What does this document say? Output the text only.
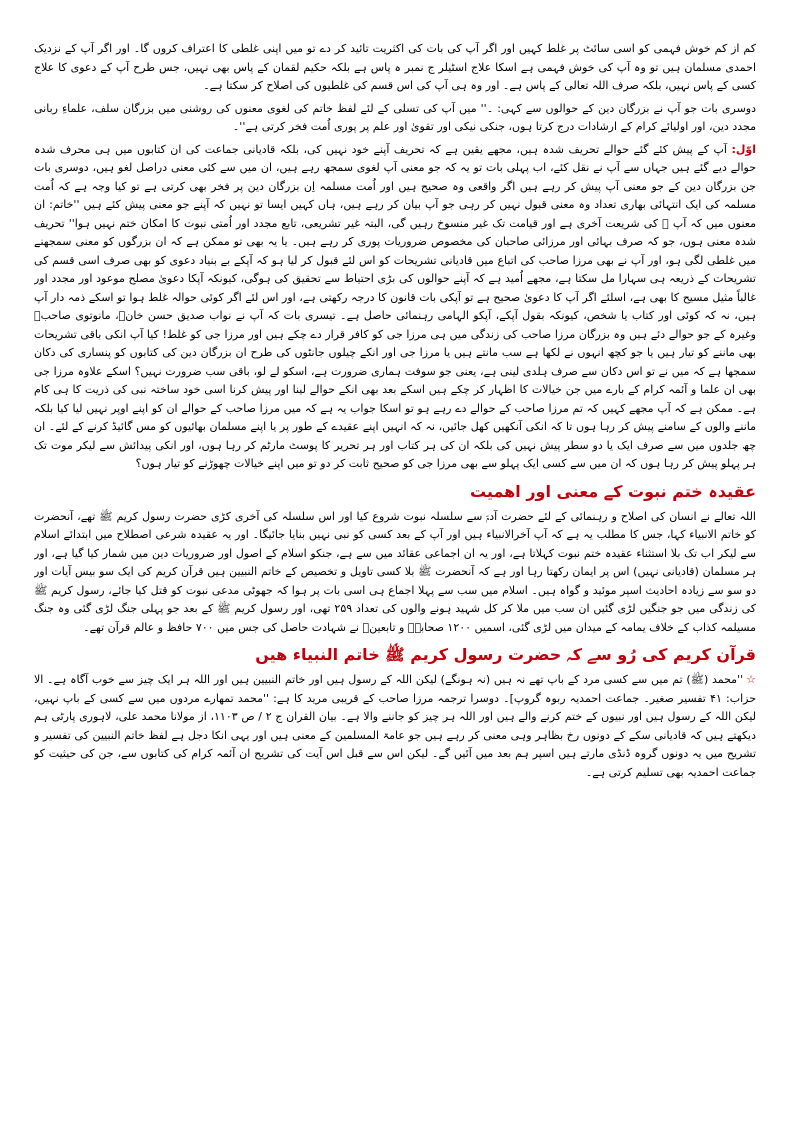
کم از کم خوش فہمی کو اسی سائٹ پر غلط کہیں اور اگر آپ کی بات کی اکثریت تائید کر دے تو میں اپنی غلطی کا اعتراف کروں گا۔ اور اگر آپ کے نزدیک احمدی مسلمان ہیں تو وہ آپ کی خوش فہمی ہے اسکا علاج اسٹیلر ج نمبر ہ پاس ہے بلکہ حکیم لقمان کے پاس بھی نہیں، جس طرح آپ کے دعوی کا علاج کسی کے پاس نہیں، بلکہ صرف اللہ تعالی کے پاس ہے۔ اور وہ ہی آپ کی اس قسم کی غلطیوں کی اصلاح کر سکتا ہے۔

دوسری بات جو آپ نے بزرگان دین کے حوالوں سے کہی: ۔'' میں آپ کی تسلی کے لئے لفظ خاتم کی لغوی معنوں کی روشنی میں بزرگان سلف، علماءِ ربانی مجدد دین، اور اولیائے کرام کے ارشادات درج کرتا ہوں، جنکی نیکی اور تقویٰ اور علم پر پوری اُمت فخر کرتی ہے''۔

اوّل: آپ کے پیش کئے گئے حوالے تحریف شدہ ہیں، مجھے یقین ہے کہ تحریف آپنے خود نہیں کی، بلکہ قادیانی جماعت کی ان کتابوں میں ہی محرف شدہ حوالے دیے گئے ہیں جہاں سے آپ نے نقل کئے، اب پہلی بات تو یہ کہ جو معنی آپ لغوی سمجھ رہے ہیں، ان میں سے کئی معنی دراصل لغو ہیں، دوسری بات جن بزرگان دین کے جو معنی آپ پیش کر رہے ہیں اگر واقعی وہ صحیح ہیں اور اُمت مسلمہ اِن بزرگان دین پر فخر بھی کرتی ہے تو کیا وجہ ہے کہ اُمت مسلمہ کی ایک انتہائی بھاری تعداد وہ معنی قبول نہیں کر رہی جو آپ بیان کر رہے ہیں، ہاں کہیں ایسا تو نہیں کہ آپنے جو معنی پیش کئے ہیں ''خاتم: ان معنوں میں کہ آپ ﷺ کی شریعت آخری ہے اور قیامت تک غیر منسوخ رہیں گی، البتہ غیر تشریعی، تابع مجدد اور اُمتی نبوت کا امکان ختم نہیں ہوا'' تحریف شدہ معنی ہوں، جو کہ صرف بہائی اور مرزائی صاحبان کی مخصوص ضروریات پوری کر رہے ہیں۔ یا یہ بھی تو ممکن ہے کہ ان بزرگوں کو معنی سمجھنے میں غلطی لگی ہو، اور آپ نے بھی مرزا صاحب کی اتباع میں قادیانی تشریحات کو اس لئے قبول کر لیا ہو کہ آپکے بے بنیاد دعوی کو بھی صرف اسی قسم کی تشریحات کے ذریعہ ہی سہارا مل سکتا ہے، مجھے اُمید ہے کہ آپنے حوالوں کی بڑی احتیاط سے تحقیق کی ہوگی، کیونکہ آپکا دعویٰ مصلح موعود اور مجدد اور غالباً مثیل مسیح کا بھی ہے، اسلئے اگر آپ کا دعویٰ صحیح ہے تو آپکی بات قانون کا درجہ رکھتی ہے، اور اس لئے اگر کوئی حوالہ غلط ہوا تو اسکے ذمہ دار آپ ہیں، نہ کہ کوئی اور کتاب یا شخص، کیونکہ بقول آپکے، آپکو الہامی رہنمائی حاصل ہے۔ تیسری بات کہ آپ نے نواب صدیق حسن خانؒ، مانوتوی صاحبؒ وغیرہ کے جو حوالے دئے ہیں وہ بزرگان مرزا صاحب کی زندگی میں ہی مرزا جی کو کافر قرار دے چکے ہیں اور مرزا جی کو غلط! کیا آپ انکی باقی تشریحات بھی ماننے کو تیار ہیں یا جو کچھ انہوں نے لکھا ہے سب مانتے ہیں یا مرزا جی اور انکے چیلوں جانٹوں کی طرح ان بزرگان دین کی کتابوں کو پنساری کی دکان سمجھا ہے کہ میں نے تو اس دکان سے صرف ہلدی لینی ہے، یعنی جو سوفت ہماری ضرورت ہے، اسکو لے لو، باقی سب ضرورت نہیں؟ اسکے علاوہ مرزا جی بھی ان علما و آئمہ کرام کے بارے میں جن خیالات کا اظہار کر چکے ہیں اسکے بعد بھی انکے حوالے لینا اور پیش کرنا اسی خود ساختہ نبی کی ذریت کا ہی کام ہے۔ ممکن ہے کہ آپ مجھے کہیں کہ تم مرزا صاحب کے حوالے دے رہے ہو تو اسکا جواب یہ ہے کہ میں مرزا صاحب کے حوالے ان کو اپنے اوپر نہیں لیا کیا بلکہ ماننے والوں کے سامنے پیش کر رہا ہوں تا کہ انکی آنکھیں کھل جائیں، نہ کہ انہیں اپنے عقیدے کے طور پر یا اپنے مسلمان بھائیوں کو مس گائیڈ کرنے کے لئے۔ ان چھ جلدوں میں سے صرف ایک یا دو سطر پیش نہیں کی بلکہ ان کی ہر کتاب اور ہر تحریر کا پوسٹ مارٹم کر رہا ہوں، اور انکی پیدائش سے لیکر موت تک ہر پہلو پیش کر رہا ہوں کہ ان میں سے کسی ایک پہلو سے بھی مرزا جی کو صحیح ثابت کر دو تو میں اپنے خیالات چھوڑنے کو تیار ہوں؟

عقیدہ ختم نبوت کے معنی اور اھمیت

اللہ تعالے نے انسان کی اصلاح و رہنمائی کے لئے حضرت آدمؑ سے سلسلہ نبوت شروع کیا اور اس سلسلہ کی آخری کڑی حضرت رسول کریم ﷺ تھے، آنحضرت کو خاتم الانبیاء کہا، جس کا مطلب یہ ہے کہ آپ آخرالانبیاء ہیں اور آپ کے بعد کسی کو نبی نہیں بنایا جائیگا۔ اور یہ عقیدہ شرعی اصطلاح میں ابتدائے اسلام سے لیکر اب تک بلا استثناء عقیدہ ختم نبوت کہلاتا ہے، اور یہ ان اجماعی عقائد میں سے ہے، جنکو اسلام کے اصول اور ضروریات دین میں شمار کیا گیا ہے، اور ہر مسلمان (قادیانی نہیں) اس پر ایمان رکھتا رہا اور ہے کہ آنحضرت ﷺ بلا کسی تاویل و تخصیص کے خاتم النبیین ہیں قرآن کریم کی ایک سو بیس آیات اور دو سو سے زیادہ احادیث اسپر موئید و گواہ ہیں۔ اسلام میں سب سے پہلا اجماع ہی اسی بات پر ہوا کہ جھوٹی مدعی نبوت کو قتل کیا جائے، رسول کریم ﷺ کی زندگی میں جو جنگیں لڑی گئیں ان سب میں ملا کر کل شہید ہونے والوں کی تعداد ۲۵۹ تھی، اور رسول کریم ﷺ کے بعد جو پہلی جنگ لڑی گئی وہ جنگ مسیلمہ کذاب کے خلاف یمامہ کے میدان میں لڑی گئی، اسمیں ۱۲۰۰ صحابہؓ و تابعینؒ نے شہادت حاصل کی جس میں ۷۰۰ حافظ و عالم قرآن تھے۔

قرآن کریم کی رُو سے کہ حضرت رسول کریم ﷺ خاتم النبیاء ھیں

☆''محمد (ﷺ) تم میں سے کسی مرد کے باپ تھے نہ ہیں (نہ ہونگے) لیکن اللہ کے رسول ہیں اور خاتم النبیین ہیں اور اللہ ہر ایک چیز سے خوب آگاہ ہے۔ الا حزاب: ۴۱ تفسیر صغیر۔ جماعت احمدیہ ربوہ گروپ]۔ دوسرا ترجمہ مرزا صاحب کے قریبی مرید کا ہے: ''محمد تمھارے مردوں میں سے کسی کے باپ نہیں، لیکن اللہ کے رسول ہیں اور نبیوں کے ختم کرنے والے ہیں اور اللہ ہر چیز کو جاننے والا ہے۔ بیان القران ج ۲ / ص ۱۱۰۳، از مولانا محمد علی، لاہوری پارٹی ہم دیکھتے ہیں کہ قادیانی سکے کے دونوں رخ بظاہر وہی معنی کر رہے ہیں جو عامۃ المسلمین کے معنی ہیں اور یہی انکا دجل ہے لفظ خاتم النبیین کی تفسیر و تشریح میں یہ دونوں گروہ ڈنڈی مارتے ہیں اسپر ہم بعد میں آئیں گے۔ لیکن اس سے قبل اس آیت کی تشریح ان آئمہ کرام کی کتابوں سے، جن کی حیثیت کو جماعت احمدیہ بھی تسلیم کرتی ہے۔
